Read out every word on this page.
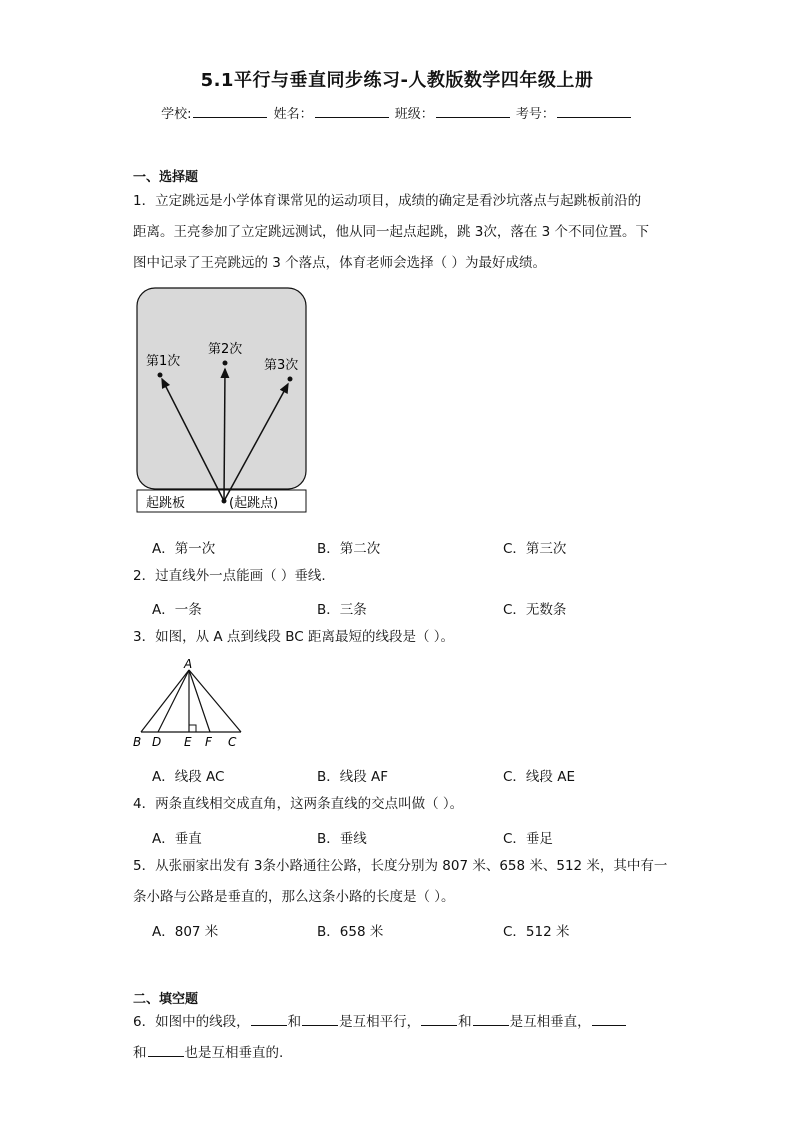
5.1平行与垂直同步练习-人教版数学四年级上册
学校:	姓名：	班级：	考号：
一、选择题
1．立定跳远是小学体育课常见的运动项目，成绩的确定是看沙坑落点与起跳板前沿的
距离。王亮参加了立定跳远测试，他从同一起点起跳，跳 3次，落在 3 个不同位置。下
图中记录了王亮跳远的 3 个落点，体育老师会选择（ ）为最好成绩。
第1次
第2次
第3次
起跳板	(起跳点)
A．第一次	B．第二次	C．第三次
2．过直线外一点能画（ ）垂线.
A．一条	B．三条	C．无数条
3．如图，从 A 点到线段 BC 距离最短的线段是（ ）。
A
B D E F C
A．线段 AC	B．线段 AF	C．线段 AE
4．两条直线相交成直角，这两条直线的交点叫做（ ）。
A．垂直	B．垂线	C．垂足
5．从张丽家出发有 3条小路通往公路，长度分别为 807 米、658 米、512 米，其中有一
条小路与公路是垂直的，那么这条小路的长度是（ ）。
A．807 米	B．658 米	C．512 米
二、填空题
6．如图中的线段，	和	是互相平行，	和	是互相垂直，
和	也是互相垂直的.
